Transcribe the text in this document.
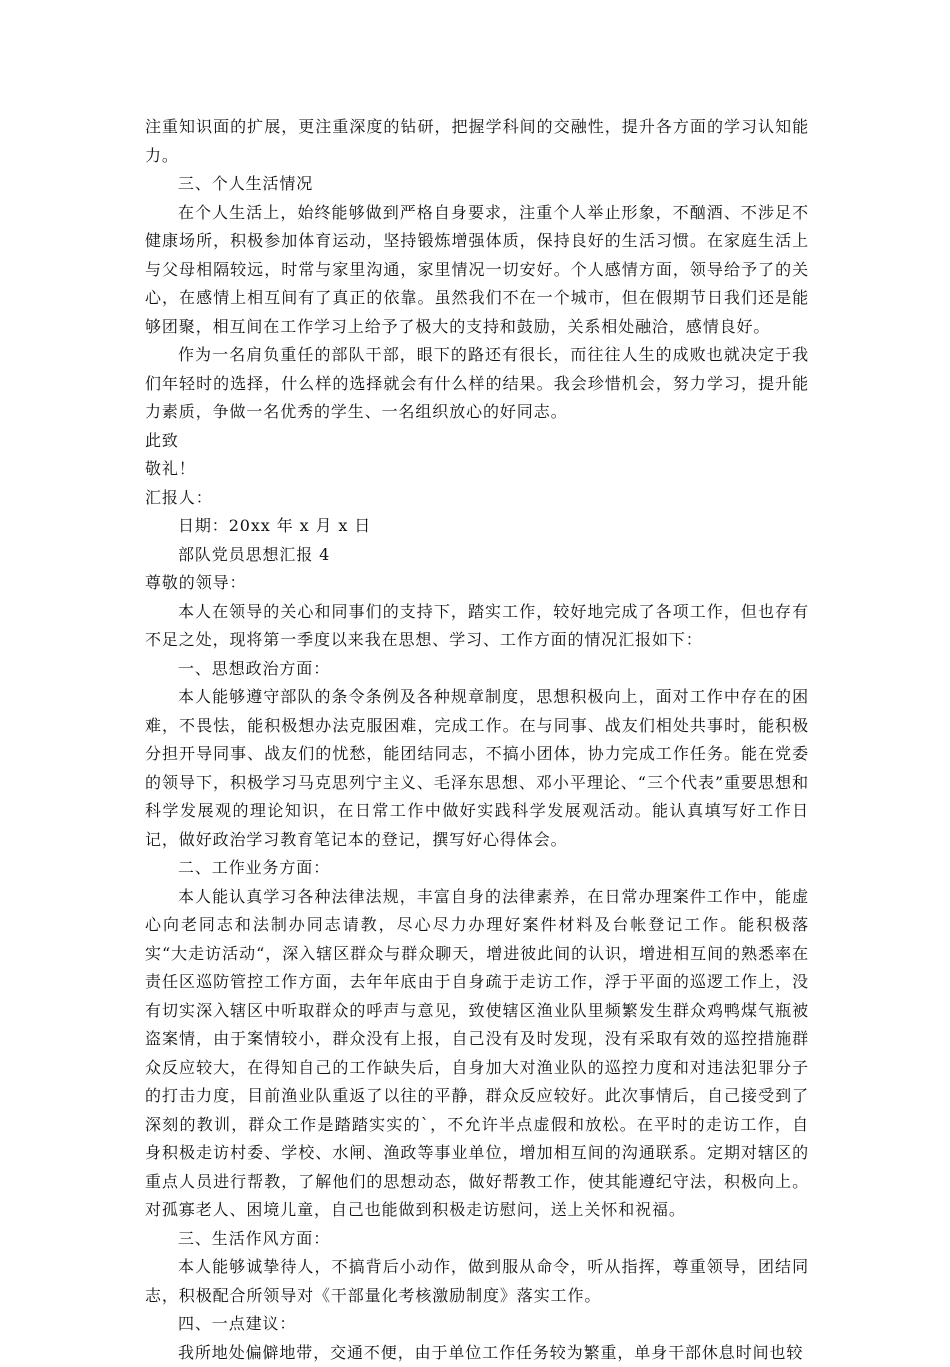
注重知识面的扩展，更注重深度的钻研，把握学科间的交融性，提升各方面的学习认知能力。

三、个人生活情况

在个人生活上，始终能够做到严格自身要求，注重个人举止形象，不酗酒、不涉足不健康场所，积极参加体育运动，坚持锻炼增强体质，保持良好的生活习惯。在家庭生活上与父母相隔较远，时常与家里沟通，家里情况一切安好。个人感情方面，领导给予了的关心，在感情上相互间有了真正的依靠。虽然我们不在一个城市，但在假期节日我们还是能够团聚，相互间在工作学习上给予了极大的支持和鼓励，关系相处融洽，感情良好。

作为一名肩负重任的部队干部，眼下的路还有很长，而往往人生的成败也就决定于我们年轻时的选择，什么样的选择就会有什么样的结果。我会珍惜机会，努力学习，提升能力素质，争做一名优秀的学生、一名组织放心的好同志。

此致

敬礼！

汇报人：

日期：20xx 年 x 月 x 日

部队党员思想汇报 4

尊敬的领导：

本人在领导的关心和同事们的支持下，踏实工作，较好地完成了各项工作，但也存有不足之处，现将第一季度以来我在思想、学习、工作方面的情况汇报如下：

一、思想政治方面：

本人能够遵守部队的条令条例及各种规章制度，思想积极向上，面对工作中存在的困难，不畏怯，能积极想办法克服困难，完成工作。在与同事、战友们相处共事时，能积极分担开导同事、战友们的忧愁，能团结同志，不搞小团体，协力完成工作任务。能在党委的领导下，积极学习马克思列宁主义、毛泽东思想、邓小平理论、“三个代表”重要思想和科学发展观的理论知识，在日常工作中做好实践科学发展观活动。能认真填写好工作日记，做好政治学习教育笔记本的登记，撰写好心得体会。

二、工作业务方面：

本人能认真学习各种法律法规，丰富自身的法律素养，在日常办理案件工作中，能虚心向老同志和法制办同志请教，尽心尽力办理好案件材料及台帐登记工作。能积极落实“大走访活动“，深入辖区群众与群众聊天，增进彼此间的认识，增进相互间的熟悉率在责任区巡防管控工作方面，去年年底由于自身疏于走访工作，浮于平面的巡逻工作上，没有切实深入辖区中听取群众的呼声与意见，致使辖区渔业队里频繁发生群众鸡鸭煤气瓶被盗案情，由于案情较小，群众没有上报，自己没有及时发现，没有采取有效的巡控措施群众反应较大，在得知自己的工作缺失后，自身加大对渔业队的巡控力度和对违法犯罪分子的打击力度，目前渔业队重返了以往的平静，群众反应较好。此次事情后，自己接受到了深刻的教训，群众工作是踏踏实实的`，不允许半点虚假和放松。在平时的走访工作，自身积极走访村委、学校、水闸、渔政等事业单位，增加相互间的沟通联系。定期对辖区的重点人员进行帮教，了解他们的思想动态，做好帮教工作，使其能遵纪守法，积极向上。对孤寡老人、困境儿童，自己也能做到积极走访慰问，送上关怀和祝福。

三、生活作风方面：

本人能够诚挚待人，不搞背后小动作，做到服从命令，听从指挥，尊重领导，团结同志，积极配合所领导对《干部量化考核激励制度》落实工作。

四、一点建议：

我所地处偏僻地带，交通不便，由于单位工作任务较为繁重，单身干部休息时间也较
